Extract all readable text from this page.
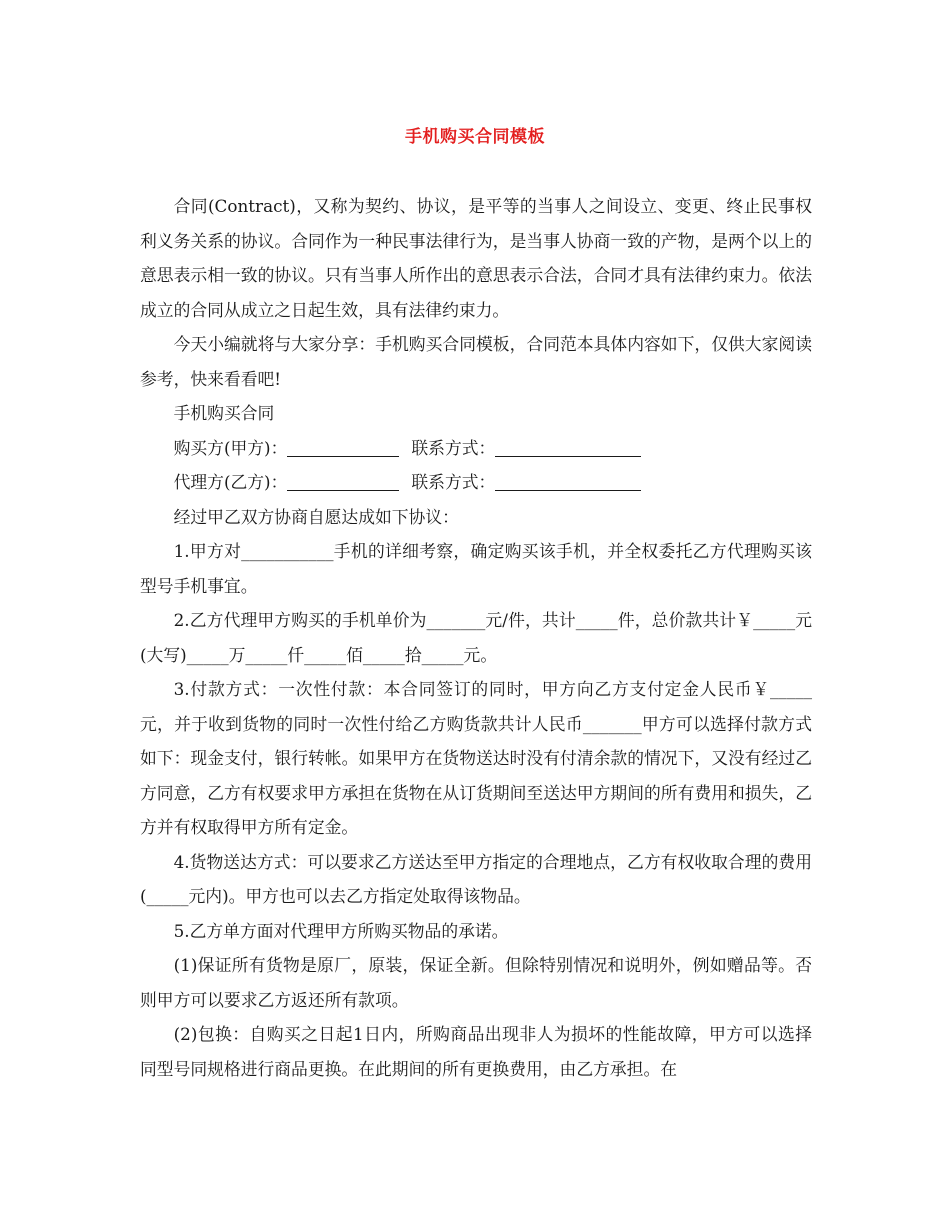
手机购买合同模板

合同(Contract)，又称为契约、协议，是平等的当事人之间设立、变更、终止民事权利义务关系的协议。合同作为一种民事法律行为，是当事人协商一致的产物，是两个以上的意思表示相一致的协议。只有当事人所作出的意思表示合法，合同才具有法律约束力。依法成立的合同从成立之日起生效，具有法律约束力。

今天小编就将与大家分享：手机购买合同模板，合同范本具体内容如下，仅供大家阅读参考，快来看看吧!

手机购买合同

购买方(甲方)：	联系方式：

代理方(乙方)：	联系方式：

经过甲乙双方协商自愿达成如下协议：

1.甲方对___________手机的详细考察，确定购买该手机，并全权委托乙方代理购买该型号手机事宜。

2.乙方代理甲方购买的手机单价为_______元/件，共计_____件，总价款共计￥_____元(大写)_____万_____仟_____佰_____拾_____元。

3.付款方式：一次性付款：本合同签订的同时，甲方向乙方支付定金人民币￥_____元，并于收到货物的同时一次性付给乙方购货款共计人民币_______甲方可以选择付款方式如下：现金支付，银行转帐。如果甲方在货物送达时没有付清余款的情况下，又没有经过乙方同意，乙方有权要求甲方承担在货物在从订货期间至送达甲方期间的所有费用和损失，乙方并有权取得甲方所有定金。

4.货物送达方式：可以要求乙方送达至甲方指定的合理地点，乙方有权收取合理的费用(_____元内)。甲方也可以去乙方指定处取得该物品。

5.乙方单方面对代理甲方所购买物品的承诺。

(1)保证所有货物是原厂，原装，保证全新。但除特别情况和说明外，例如赠品等。否则甲方可以要求乙方返还所有款项。

(2)包换：自购买之日起1日内，所购商品出现非人为损坏的性能故障，甲方可以选择同型号同规格进行商品更换。在此期间的所有更换费用，由乙方承担。在
